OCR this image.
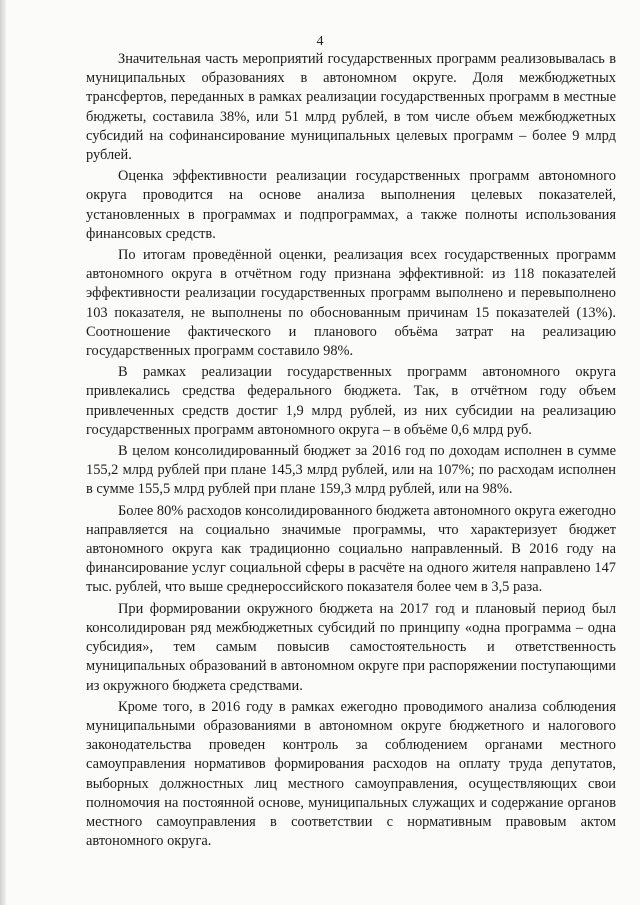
4

Значительная часть мероприятий государственных программ реализовывалась в муниципальных образованиях в автономном округе. Доля межбюджетных трансфертов, переданных в рамках реализации государственных программ в местные бюджеты, составила 38%, или 51 млрд рублей, в том числе объем межбюджетных субсидий на софинансирование муниципальных целевых программ – более 9 млрд рублей.

Оценка эффективности реализации государственных программ автономного округа проводится на основе анализа выполнения целевых показателей, установленных в программах и подпрограммах, а также полноты использования финансовых средств.

По итогам проведённой оценки, реализация всех государственных программ автономного округа в отчётном году признана эффективной: из 118 показателей эффективности реализации государственных программ выполнено и перевыполнено 103 показателя, не выполнены по обоснованным причинам 15 показателей (13%). Соотношение фактического и планового объёма затрат на реализацию государственных программ составило 98%.

В рамках реализации государственных программ автономного округа привлекались средства федерального бюджета. Так, в отчётном году объем привлеченных средств достиг 1,9 млрд рублей, из них субсидии на реализацию государственных программ автономного округа – в объёме 0,6 млрд руб.

В целом консолидированный бюджет за 2016 год по доходам исполнен в сумме 155,2 млрд рублей при плане 145,3 млрд рублей, или на 107%; по расходам исполнен в сумме 155,5 млрд рублей при плане 159,3 млрд рублей, или на 98%.

Более 80% расходов консолидированного бюджета автономного округа ежегодно направляется на социально значимые программы, что характеризует бюджет автономного округа как традиционно социально направленный. В 2016 году на финансирование услуг социальной сферы в расчёте на одного жителя направлено 147 тыс. рублей, что выше среднероссийского показателя более чем в 3,5 раза.

При формировании окружного бюджета на 2017 год и плановый период был консолидирован ряд межбюджетных субсидий по принципу «одна программа – одна субсидия», тем самым повысив самостоятельность и ответственность муниципальных образований в автономном округе при распоряжении поступающими из окружного бюджета средствами.

Кроме того, в 2016 году в рамках ежегодно проводимого анализа соблюдения муниципальными образованиями в автономном округе бюджетного и налогового законодательства проведен контроль за соблюдением органами местного самоуправления нормативов формирования расходов на оплату труда депутатов, выборных должностных лиц местного самоуправления, осуществляющих свои полномочия на постоянной основе, муниципальных служащих и содержание органов местного самоуправления в соответствии с нормативным правовым актом автономного округа.
